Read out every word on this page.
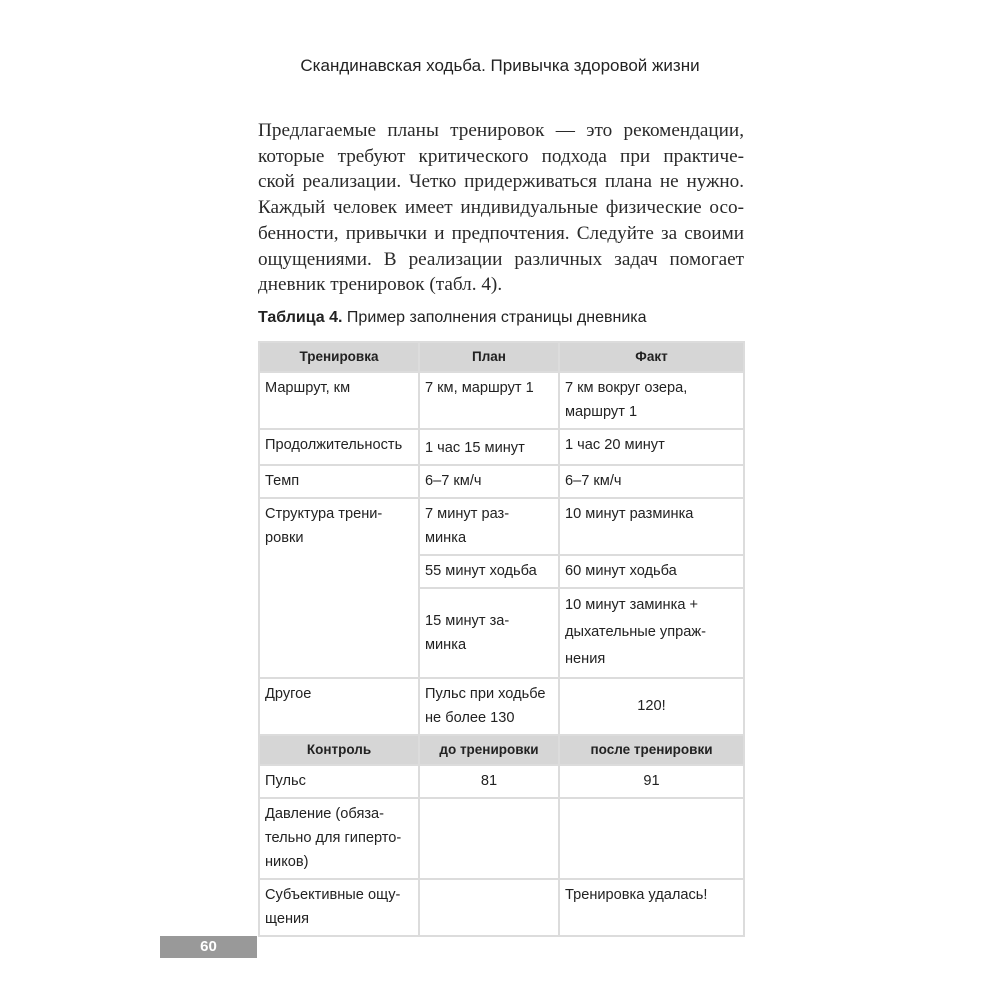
Скандинавская ходьба. Привычка здоровой жизни
Предлагаемые планы тренировок — это рекомендации,
которые требуют критического подхода при практиче-
ской реализации. Четко придерживаться плана не нужно.
Каждый человек имеет индивидуальные физические осо-
бенности, привычки и предпочтения. Следуйте за своими
ощущениями. В реализации различных задач помогает
дневник тренировок (табл. 4).
Таблица 4. Пример заполнения страницы дневника
Тренировка	План	Факт
Маршрут, км	7 км, маршрут 1	7 км вокруг озера, маршрут 1
Продолжительность	1 час 15 минут	1 час 20 минут
Темп	6–7 км/ч	6–7 км/ч
Структура трени-ровки	7 минут раз-минка	10 минут разминка
	55 минут ходьба	60 минут ходьба
	15 минут за-минка	10 минут заминка + дыхательные упраж-нения
Другое	Пульс при ходьбе не более 130	120!
Контроль	до тренировки	после тренировки
Пульс	81	91
Давление (обяза-тельно для гиперто-ников)		
Субъективные ощу-щения		Тренировка удалась!
60
